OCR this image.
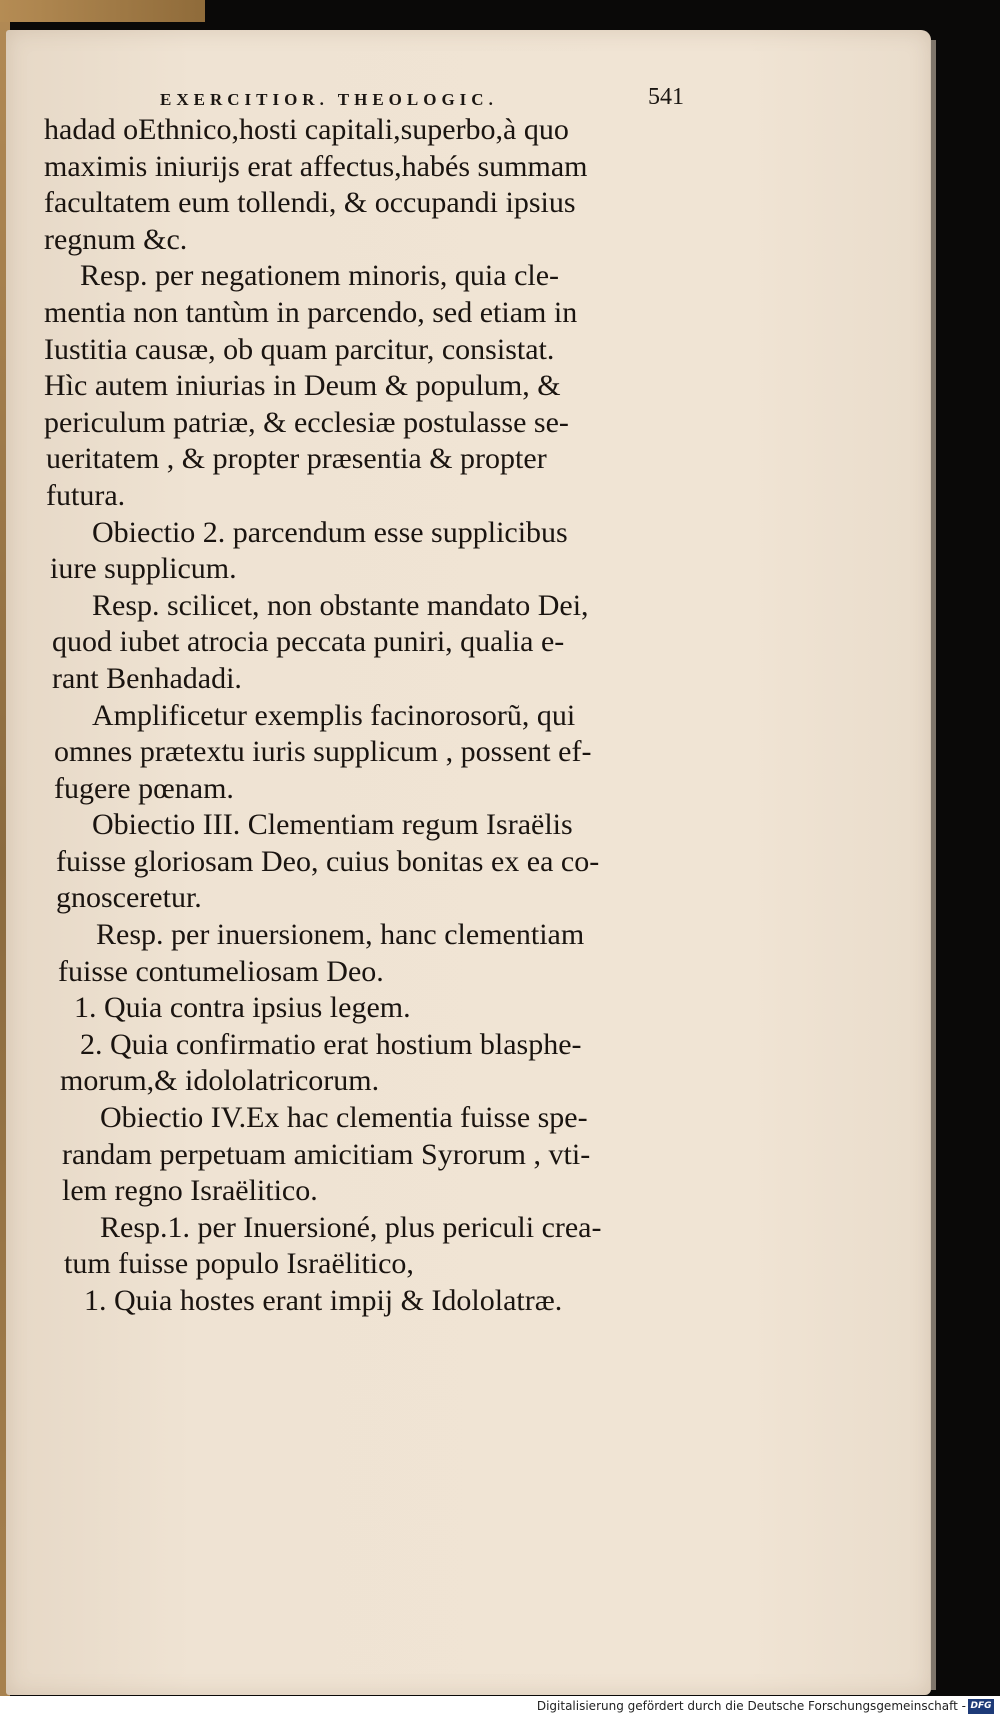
EXERCITIOR. THEOLOGIC.	541
hadad oEthnico,hosti capitali,superbo,à quo
maximis iniurijs erat affectus,habés summam
facultatem eum tollendi, & occupandi ipsius
regnum &c.
Resp. per negationem minoris, quia cle-
mentia non tantùm in parcendo, sed etiam in
Iustitia causæ, ob quam parcitur, consistat.
Hìc autem iniurias in Deum & populum, &
periculum patriæ, & ecclesiæ postulasse se-
ueritatem , & propter præsentia & propter
futura.
Obiectio 2. parcendum esse supplicibus
iure supplicum.
Resp. scilicet, non obstante mandato Dei,
quod iubet atrocia peccata puniri, qualia e-
rant Benhadadi.
Amplificetur exemplis facinorosorũ, qui
omnes prætextu iuris supplicum , possent ef-
fugere pœnam.
Obiectio III. Clementiam regum Israëlis
fuisse gloriosam Deo, cuius bonitas ex ea co-
gnosceretur.
Resp. per inuersionem, hanc clementiam
fuisse contumeliosam Deo.
1. Quia contra ipsius legem.
2. Quia confirmatio erat hostium blasphe-
morum,& idololatricorum.
Obiectio IV.Ex hac clementia fuisse spe-
randam perpetuam amicitiam Syrorum , vti-
lem regno Israëlitico.
Resp.1. per Inuersioné, plus periculi crea-
tum fuisse populo Israëlitico,
1. Quia hostes erant impij & Idololatræ.
Digitalisierung gefördert durch die Deutsche Forschungsgemeinschaft - DFG
